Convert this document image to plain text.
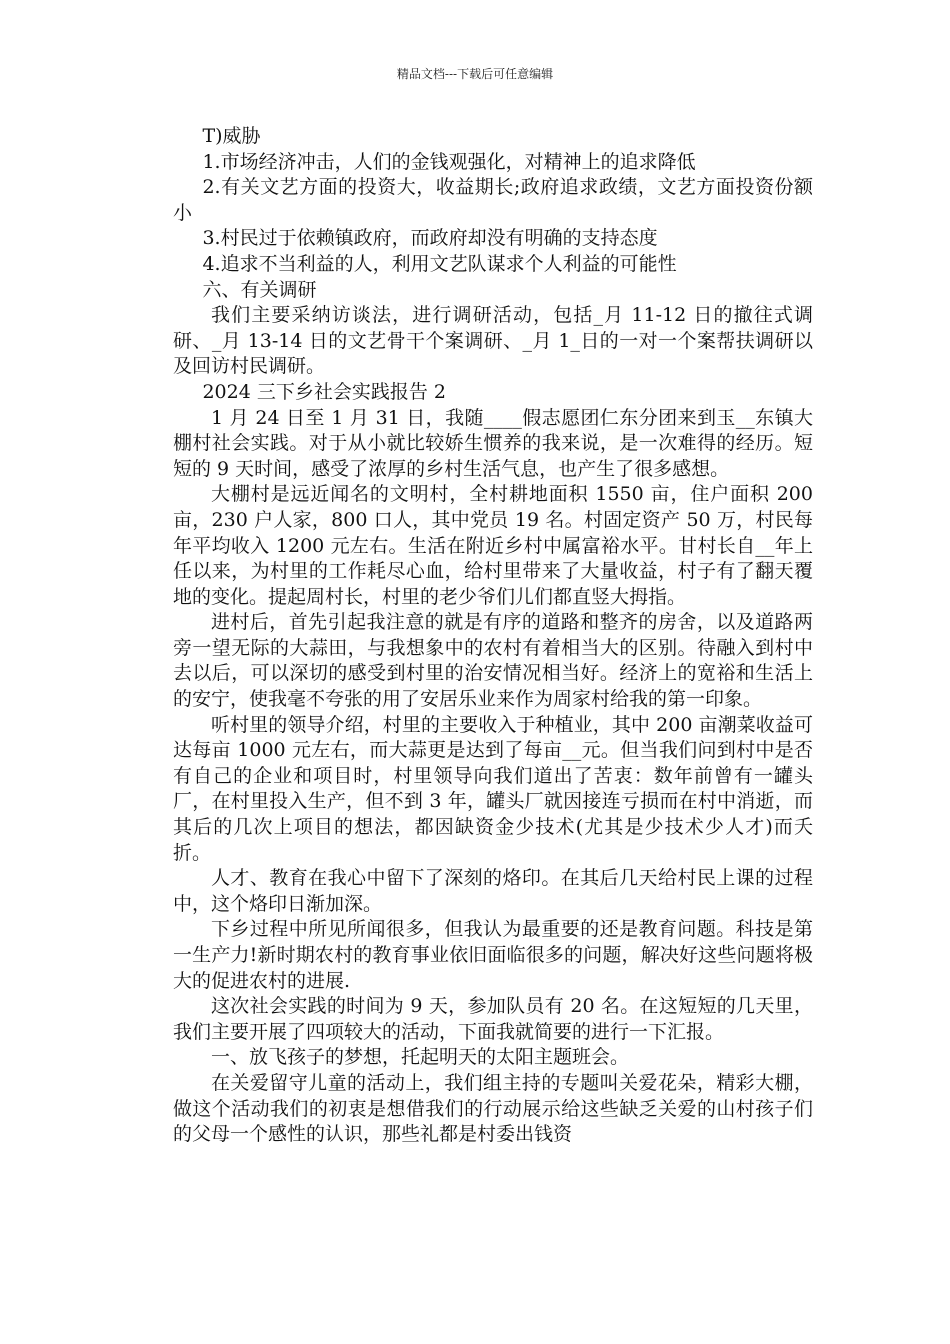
精品文档---下载后可任意编辑

T)威胁

1.市场经济冲击，人们的金钱观强化，对精神上的追求降低

2.有关文艺方面的投资大，收益期长;政府追求政绩，文艺方面投资份额小

3.村民过于依赖镇政府，而政府却没有明确的支持态度

4.追求不当利益的人，利用文艺队谋求个人利益的可能性

六、有关调研

我们主要采纳访谈法，进行调研活动，包括_月 11-12 日的撤往式调研、_月 13-14 日的文艺骨干个案调研、_月 1_日的一对一个案帮扶调研以及回访村民调研。

2024 三下乡社会实践报告 2

1 月 24 日至 1 月 31 日，我随____假志愿团仁东分团来到玉__东镇大棚村社会实践。对于从小就比较娇生惯养的我来说，是一次难得的经历。短短的 9 天时间，感受了浓厚的乡村生活气息，也产生了很多感想。

大棚村是远近闻名的文明村，全村耕地面积 1550 亩，住户面积 200 亩，230 户人家，800 口人，其中党员 19 名。村固定资产 50 万，村民每年平均收入 1200 元左右。生活在附近乡村中属富裕水平。甘村长自__年上任以来，为村里的工作耗尽心血，给村里带来了大量收益，村子有了翻天覆地的变化。提起周村长，村里的老少爷们儿们都直竖大拇指。

进村后，首先引起我注意的就是有序的道路和整齐的房舍，以及道路两旁一望无际的大蒜田，与我想象中的农村有着相当大的区别。待融入到村中去以后，可以深切的感受到村里的治安情况相当好。经济上的宽裕和生活上的安宁，使我毫不夸张的用了安居乐业来作为周家村给我的第一印象。

听村里的领导介绍，村里的主要收入于种植业，其中 200 亩潮菜收益可达每亩 1000 元左右，而大蒜更是达到了每亩__元。但当我们问到村中是否有自己的企业和项目时，村里领导向我们道出了苦衷：数年前曾有一罐头厂，在村里投入生产，但不到 3 年，罐头厂就因接连亏损而在村中消逝，而其后的几次上项目的想法，都因缺资金少技术(尤其是少技术少人才)而夭折。

人才、教育在我心中留下了深刻的烙印。在其后几天给村民上课的过程中，这个烙印日渐加深。

下乡过程中所见所闻很多，但我认为最重要的还是教育问题。科技是第一生产力!新时期农村的教育事业依旧面临很多的问题，解决好这些问题将极大的促进农村的进展.

这次社会实践的时间为 9 天，参加队员有 20 名。在这短短的几天里，我们主要开展了四项较大的活动，下面我就简要的进行一下汇报。

一、放飞孩子的梦想，托起明天的太阳主题班会。

在关爱留守儿童的活动上，我们组主持的专题叫关爱花朵，精彩大棚，做这个活动我们的初衷是想借我们的行动展示给这些缺乏关爱的山村孩子们的父母一个感性的认识，那些礼都是村委出钱资
